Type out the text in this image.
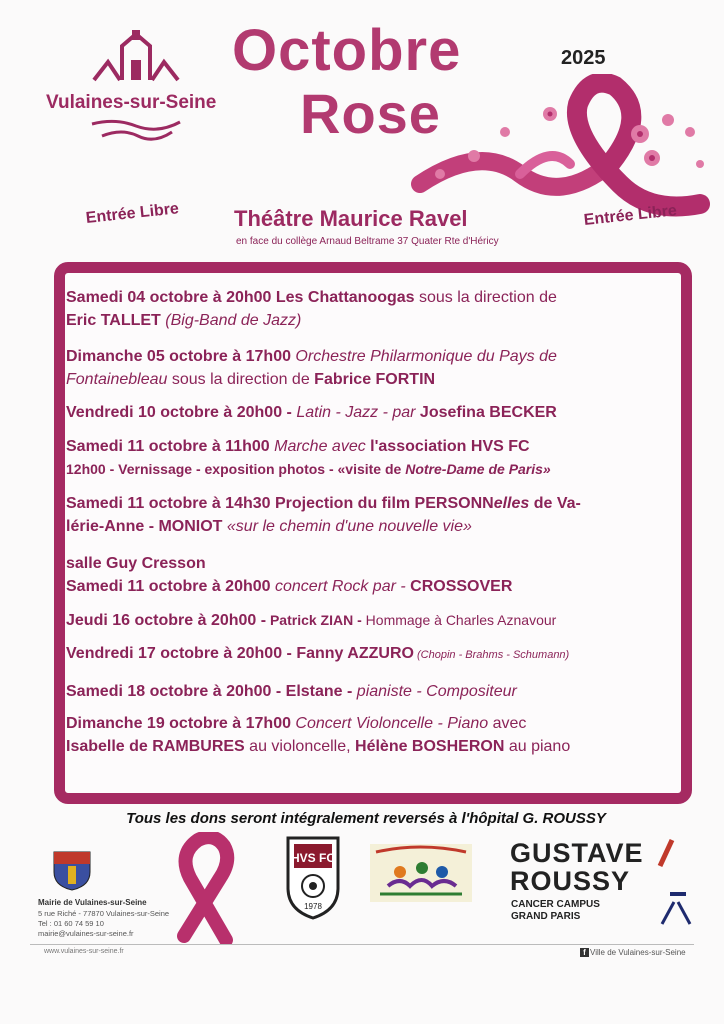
Vulaines-sur-Seine
Octobre
Rose
2025
Entrée Libre	Entrée Libre
Théâtre Maurice Ravel
en face du collège Arnaud Beltrame 37 Quater Rte d'Héricy
Samedi 04 octobre à 20h00 Les Chattanoogas sous la direction de
Eric TALLET (Big-Band de Jazz)
Dimanche 05 octobre à 17h00 Orchestre Philarmonique du Pays de
Fontainebleau sous la direction de Fabrice FORTIN
Vendredi 10 octobre à 20h00 - Latin - Jazz - par Josefina BECKER
Samedi 11 octobre à 11h00 Marche avec l'association HVS FC
12h00 - Vernissage - exposition photos - «visite de Notre-Dame de Paris»
Samedi 11 octobre à 14h30 Projection du film PERSONNelles de Va-
lérie-Anne - MONIOT «sur le chemin d'une nouvelle vie»
salle Guy Cresson
Samedi 11 octobre à 20h00 concert Rock par - CROSSOVER
Jeudi 16 octobre à 20h00 - Patrick ZIAN - Hommage à Charles Aznavour
Vendredi 17 octobre à 20h00 - Fanny AZZURO (Chopin - Brahms - Schumann)
Samedi 18 octobre à 20h00 - Elstane - pianiste - Compositeur
Dimanche 19 octobre à 17h00 Concert Violoncelle - Piano avec
Isabelle de RAMBURES au violoncelle, Hélène BOSHERON au piano
Tous les dons seront intégralement reversés à l'hôpital G. ROUSSY
Mairie de Vulaines-sur-Seine
5 rue Riché - 77870 Vulaines-sur-Seine
Tel : 01 60 74 59 10
mairie@vulaines-sur-seine.fr
www.vulaines-sur-seine.fr
HVS FC
1978
GUSTAVE
ROUSSY
CANCER CAMPUS
GRAND PARIS
f Ville de Vulaines-sur-Seine
